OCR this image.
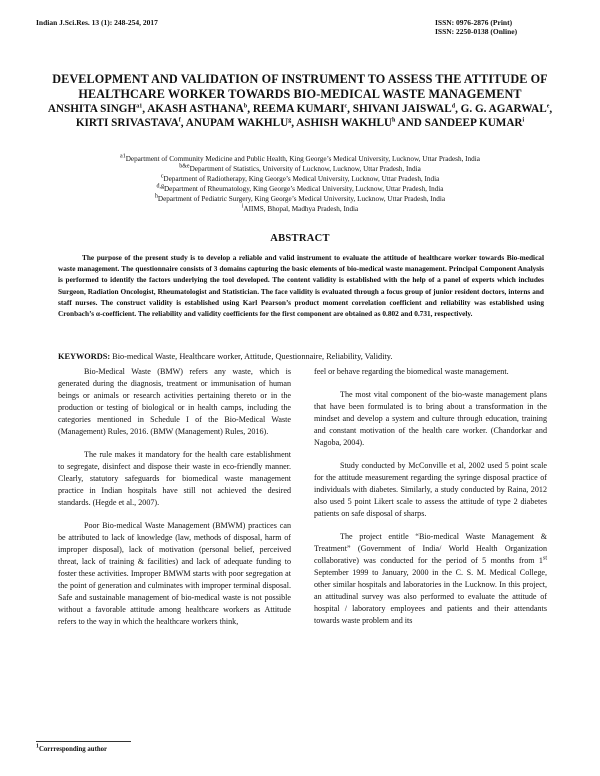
Indian J.Sci.Res. 13 (1): 248-254, 2017	ISSN: 0976-2876 (Print)
ISSN: 2250-0138 (Online)
DEVELOPMENT AND VALIDATION OF INSTRUMENT TO ASSESS THE ATTITUDE OF HEALTHCARE WORKER TOWARDS BIO-MEDICAL WASTE MANAGEMENT
ANSHITA $SINGH^{a1}$, AKASH ASTHANA$^b$, REEMA KUMARI$^c$, SHIVANI JAISWAL$^d$, G. G. AGARWAL$^e$, KIRTI SRIVASTAVA$^f$, ANUPAM WAKHLU$^g$, ASHISH WAKHLU$^h$ AND SANDEEP KUMAR$^i$
$^{a1}$Department of Community Medicine and Public Health, King George’s Medical University, Lucknow, Uttar Pradesh, India
$^{b\&e}$Department of Statistics, University of Lucknow, Lucknow, Uttar Pradesh, India
$^c$Department of Radiotherapy, King George’s Medical University, Lucknow, Uttar Pradesh, India
$^{d,g}$Department of Rheumatology, King George’s Medical University, Lucknow, Uttar Pradesh, India
$^h$Department of Pediatric Surgery, King George’s Medical University, Lucknow, Uttar Pradesh, India
$^i$AIIMS, Bhopal, Madhya Pradesh, India
ABSTRACT
The purpose of the present study is to develop a reliable and valid instrument to evaluate the attitude of healthcare worker towards Bio-medical waste management. The questionnaire consists of 3 domains capturing the basic elements of bio-medical waste management. Principal Component Analysis is performed to identify the factors underlying the tool developed. The content validity is established with the help of a panel of experts which includes Surgeon, Radiation Oncologist, Rheumatologist and Statistician. The face validity is evaluated through a focus group of junior resident doctors, interns and staff nurses. The construct validity is established using Karl Pearson’s product moment correlation coefficient and reliability was established using Cronbach’s α-coefficient. The reliability and validity coefficients for the first component are obtained as 0.802 and 0.731, respectively.
KEYWORDS: Bio-medical Waste, Healthcare worker, Attitude, Questionnaire, Reliability, Validity.

Bio-Medical Waste (BMW) refers any waste, which is generated during the diagnosis, treatment or immunisation of human beings or animals or research activities pertaining thereto or in the production or testing of biological or in health camps, including the categories mentioned in Schedule I of the Bio-Medical Waste (Management) Rules, 2016. (BMW (Management) Rules, 2016).

The rule makes it mandatory for the health care establishment to segregate, disinfect and dispose their waste in eco-friendly manner. Clearly, statutory safeguards for biomedical waste management practice in Indian hospitals have still not achieved the desired standards. (Hegde et al., 2007).

Poor Bio-medical Waste Management (BMWM) practices can be attributed to lack of knowledge (law, methods of disposal, harm of improper disposal), lack of motivation (personal belief, perceived threat, lack of training & facilities) and lack of adequate funding to foster these activities. Improper BMWM starts with poor segregation at the point of generation and culminates with improper terminal disposal. Safe and sustainable management of bio-medical waste is not possible without a favorable attitude among healthcare workers as Attitude refers to the way in which the healthcare workers think,

feel or behave regarding the biomedical waste management.

The most vital component of the bio-waste management plans that have been formulated is to bring about a transformation in the mindset and develop a system and culture through education, training and constant motivation of the health care worker. (Chandorkar and Nagoba, 2004).

Study conducted by McConville et al, 2002 used 5 point scale for the attitude measurement regarding the syringe disposal practice of individuals with diabetes. Similarly, a study conducted by Raina, 2012 also used 5 point Likert scale to assess the attitude of type 2 diabetes patients on safe disposal of sharps.

The project entitle “Bio-medical Waste Management & Treatment” (Government of India/ World Health Organization collaborative) was conducted for the period of 5 months from 1st September 1999 to January, 2000 in the C. S. M. Medical College, other similar hospitals and laboratories in the Lucknow. In this project, an attitudinal survey was also performed to evaluate the attitude of hospital / laboratory employees and patients and their attendants towards waste problem and its

$^1$Corrresponding author
